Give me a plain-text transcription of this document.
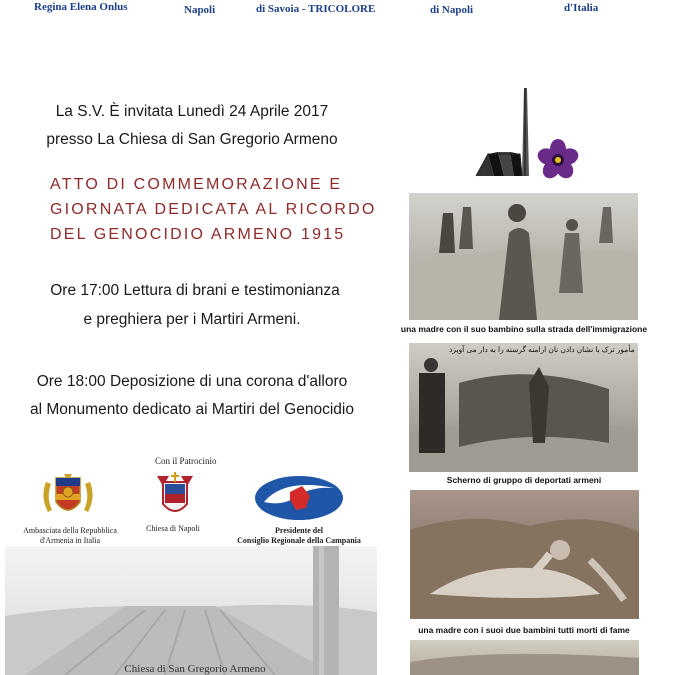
Regina Elena Onlus	Napoli	di Savoia - TRICOLORE	di Napoli	d'Italia
La S.V. È invitata Lunedì 24 Aprile 2017
presso La Chiesa di San Gregorio Armeno
ATTO DI COMMEMORAZIONE E
GIORNATA DEDICATA AL RICORDO
DEL GENOCIDIO ARMENO 1915
Ore 17:00 Lettura di brani e testimonianza
e preghiera per i Martiri Armeni.
Ore 18:00 Deposizione di una corona d'alloro
al Monumento dedicato ai Martiri del Genocidio
Con il Patrocinio
Ambasciata della Repubblica
d'Armenia in Italia
Chiesa di Napoli	Presidente del
Consiglio Regionale della Campania
Chiesa di San Gregorio Armeno
una madre con il suo bambino sulla strada dell'immigrazione
مأمور ترک با نشان دادن نان ارامنه گرسنه را به دار می آویزد
Scherno di gruppo di deportati armeni
una madre con i suoi due bambini tutti morti di fame
